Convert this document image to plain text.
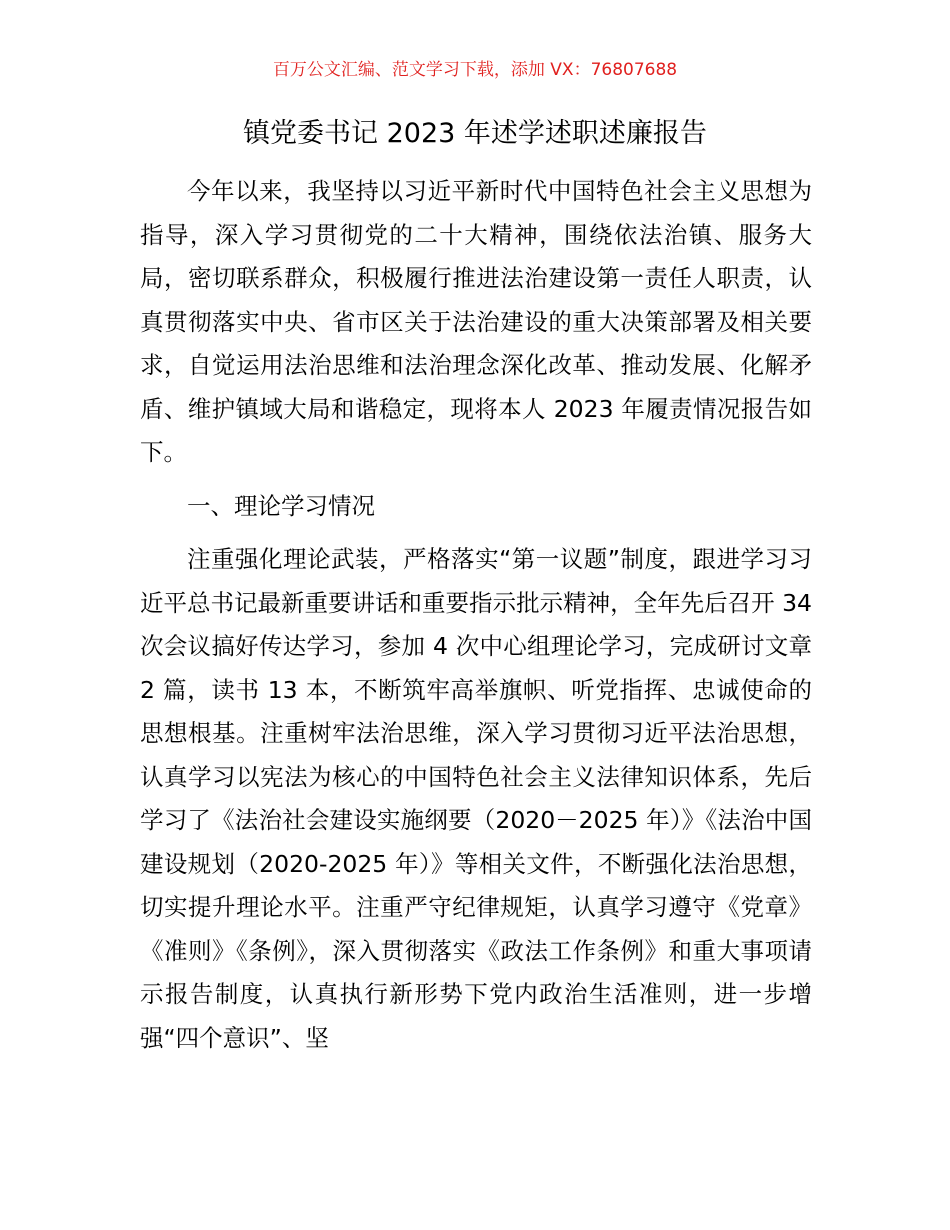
百万公文汇编、范文学习下载，添加 VX：76807688
镇党委书记 2023 年述学述职述廉报告

今年以来，我坚持以习近平新时代中国特色社会主义思想为指导，深入学习贯彻党的二十大精神，围绕依法治镇、服务大局，密切联系群众，积极履行推进法治建设第一责任人职责，认真贯彻落实中央、省市区关于法治建设的重大决策部署及相关要求，自觉运用法治思维和法治理念深化改革、推动发展、化解矛盾、维护镇域大局和谐稳定，现将本人 2023 年履责情况报告如下。

一、理论学习情况

注重强化理论武装，严格落实“第一议题”制度，跟进学习习近平总书记最新重要讲话和重要指示批示精神，全年先后召开 34 次会议搞好传达学习，参加 4 次中心组理论学习，完成研讨文章 2 篇，读书 13 本，不断筑牢高举旗帜、听党指挥、忠诚使命的思想根基。注重树牢法治思维，深入学习贯彻习近平法治思想，认真学习以宪法为核心的中国特色社会主义法律知识体系，先后学习了《法治社会建设实施纲要（2020－2025 年）》《法治中国建设规划（2020-2025 年）》等相关文件，不断强化法治思想，切实提升理论水平。注重严守纪律规矩，认真学习遵守《党章》《准则》《条例》，深入贯彻落实《政法工作条例》和重大事项请示报告制度，认真执行新形势下党内政治生活准则，进一步增强“四个意识”、坚
